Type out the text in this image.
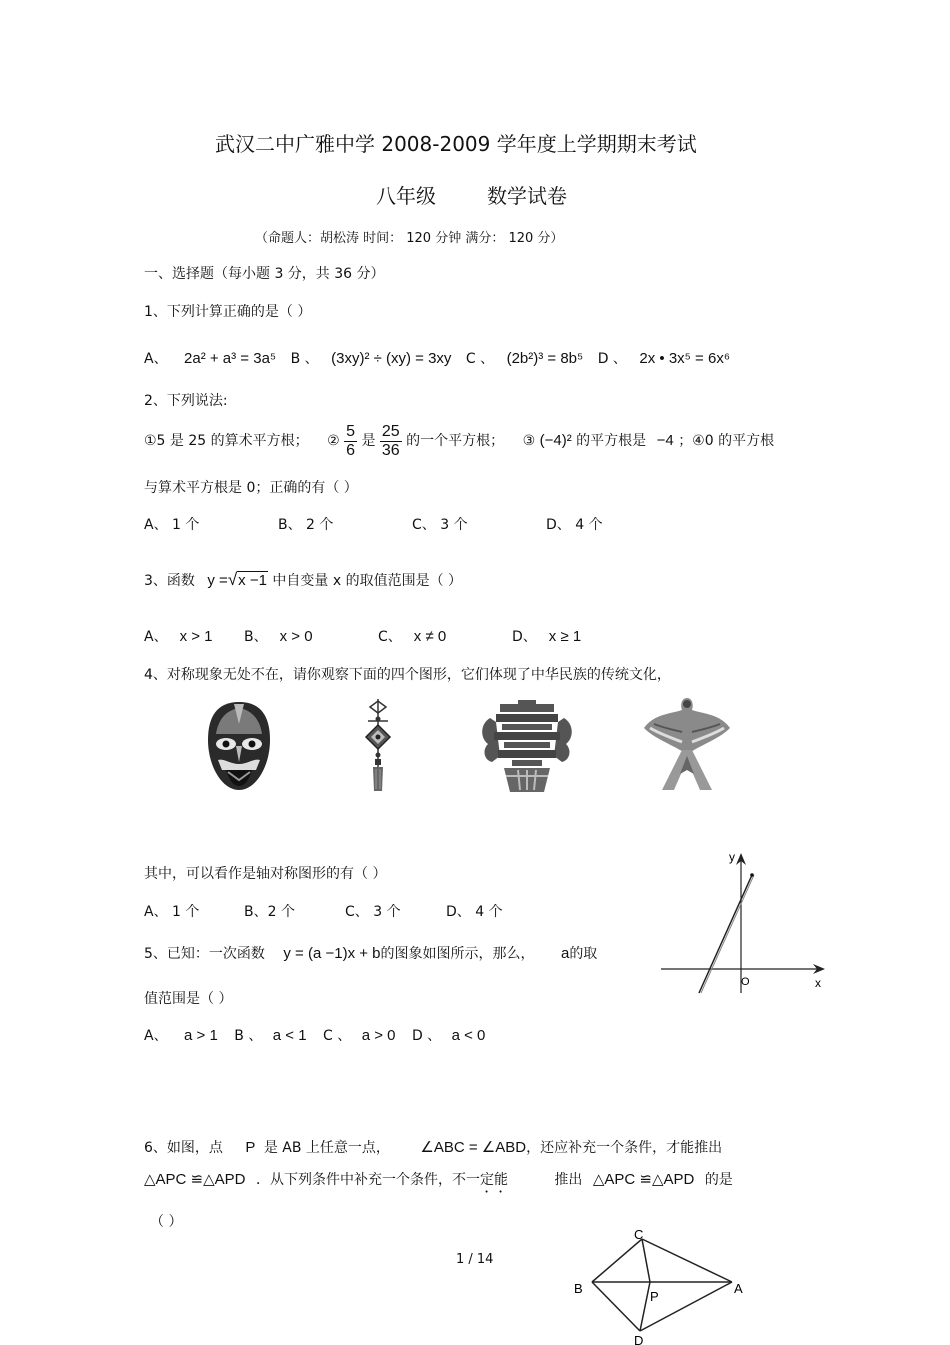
武汉二中广雅中学 2008-2009 学年度上学期期末考试
八年级	数学试卷
（命题人：胡松涛 时间： 120 分钟 满分： 120 分）
一、选择题（每小题 3 分，共 36 分）
1、下列计算正确的是（ ）
A、 2a² + a³ = 3a⁵ B 、 (3xy)² ÷ (xy) = 3xy C 、 (2b²)³ = 8b⁵ D 、 2x • 3x⁵ = 6x⁶
2、下列说法:
①5 是 25 的算术平方根； ② $\frac{5}{6}$ 是 $\frac{25}{36}$ 的一个平方根； ③ (−4)² 的平方根是 −4 ；④0 的平方根
与算术平方根是 0；正确的有（ ）
A、 1 个	B、 2 个	C、 3 个	D、 4 个
3、函数 y =√x −1 中自变量 x 的取值范围是（ ）
A、 x > 1 B、 x > 0	C、 x ≠ 0	D、 x ≥ 1
4、对称现象无处不在，请你观察下面的四个图形，它们体现了中华民族的传统文化，
其中，可以看作是轴对称图形的有（ ）
A、 1 个	B、2 个	C、 3 个	D、 4 个
5、已知：一次函数 y = (a −1)x + b的图象如图所示，那么， a的取
值范围是（ ）
A、 a > 1 B 、 a < 1 C 、 a > 0 D 、 a < 0
y
x
O
6、如图，点 P 是 AB 上任意一点， ∠ABC = ∠ABD，还应补充一个条件，才能推出
△APC ≌△APD ．从下列条件中补充一个条件，不一定能	推出 △APC ≌△APD 的是
（ ）
C
B
P
A
D
1 / 14
